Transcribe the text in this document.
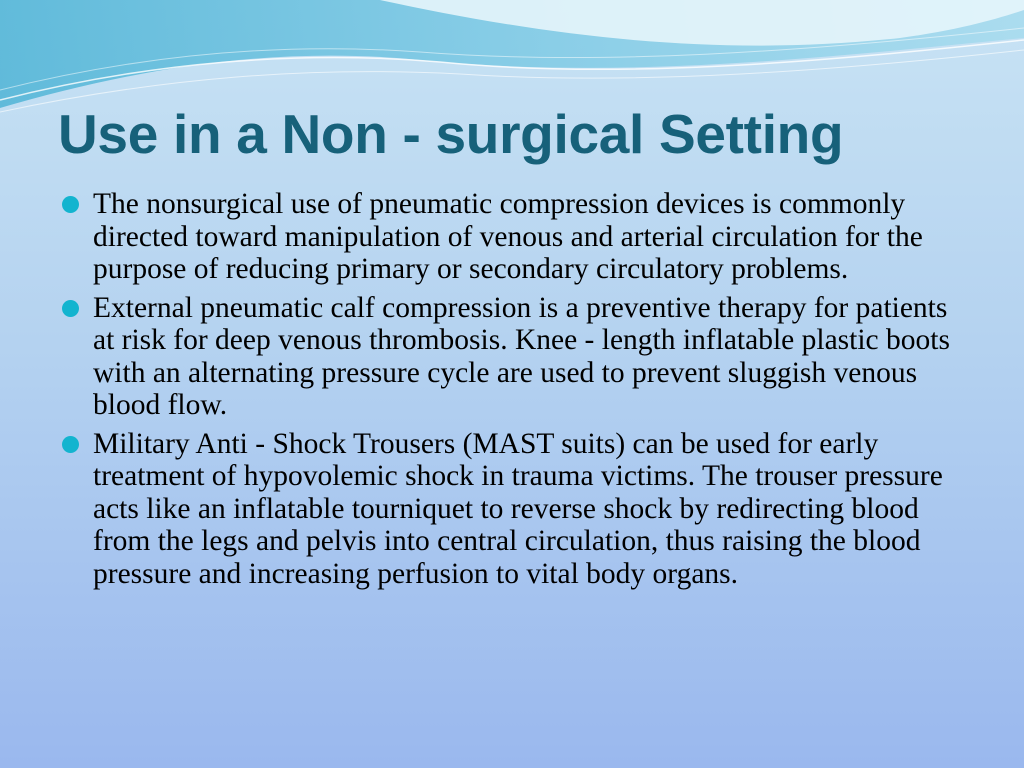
Use in a Non - surgical Setting
The nonsurgical use of pneumatic compression devices is commonly directed toward manipulation of venous and arterial circulation for the purpose of reducing primary or secondary circulatory problems.
External pneumatic calf compression is a preventive therapy for patients at risk for deep venous thrombosis. Knee - length inflatable plastic boots with an alternating pressure cycle are used to prevent sluggish venous blood flow.
Military Anti - Shock Trousers (MAST suits) can be used for early treatment of hypovolemic shock in trauma victims. The trouser pressure acts like an inflatable tourniquet to reverse shock by redirecting blood from the legs and pelvis into central circulation, thus raising the blood pressure and increasing perfusion to vital body organs.
